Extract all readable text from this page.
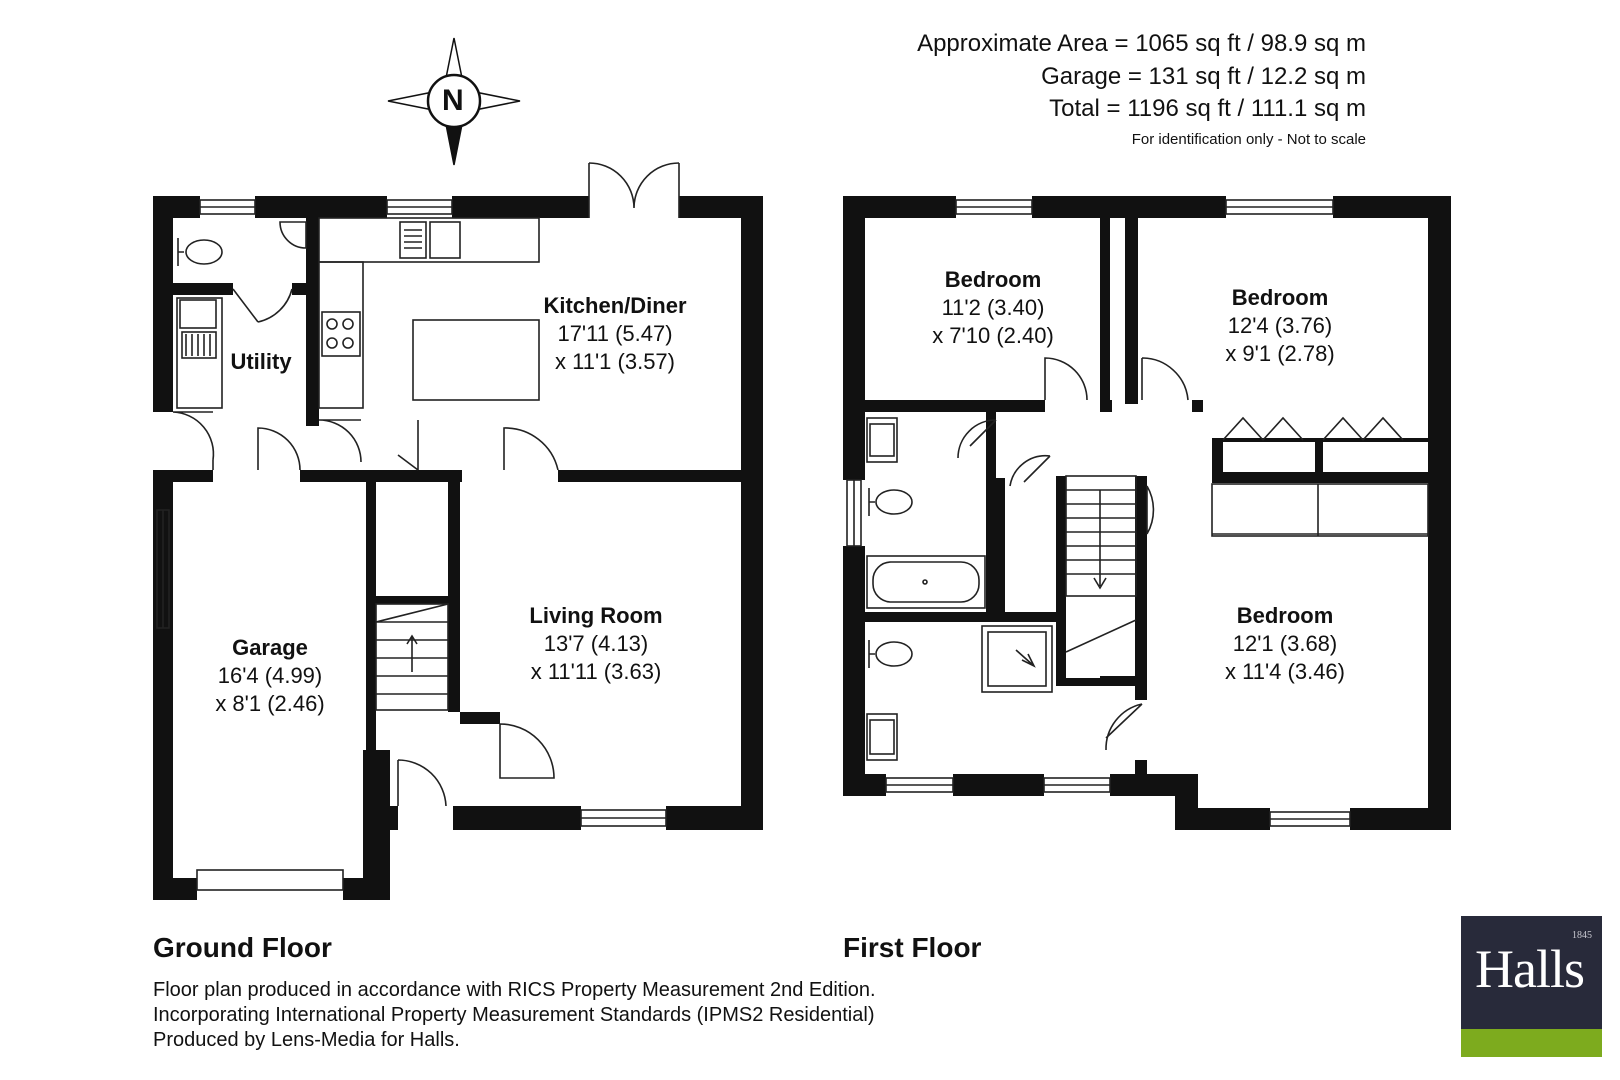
N
Approximate Area = 1065 sq ft / 98.9 sq m
Garage = 131 sq ft / 12.2 sq m
Total = 1196 sq ft / 111.1 sq m
For identification only - Not to scale
Kitchen/Diner
17'11 (5.47)
x 11'1 (3.57)
Utility
Garage
16'4 (4.99)
x 8'1 (2.46)
Living Room
13'7 (4.13)
x 11'11 (3.63)
Bedroom
11'2 (3.40)
x 7'10 (2.40)
Bedroom
12'4 (3.76)
x 9'1 (2.78)
Bedroom
12'1 (3.68)
x 11'4 (3.46)
Ground Floor	First Floor
Floor plan produced in accordance with RICS Property Measurement 2nd Edition. Incorporating International Property Measurement Standards (IPMS2 Residential) Produced by Lens-Media for Halls.
1845
Halls
